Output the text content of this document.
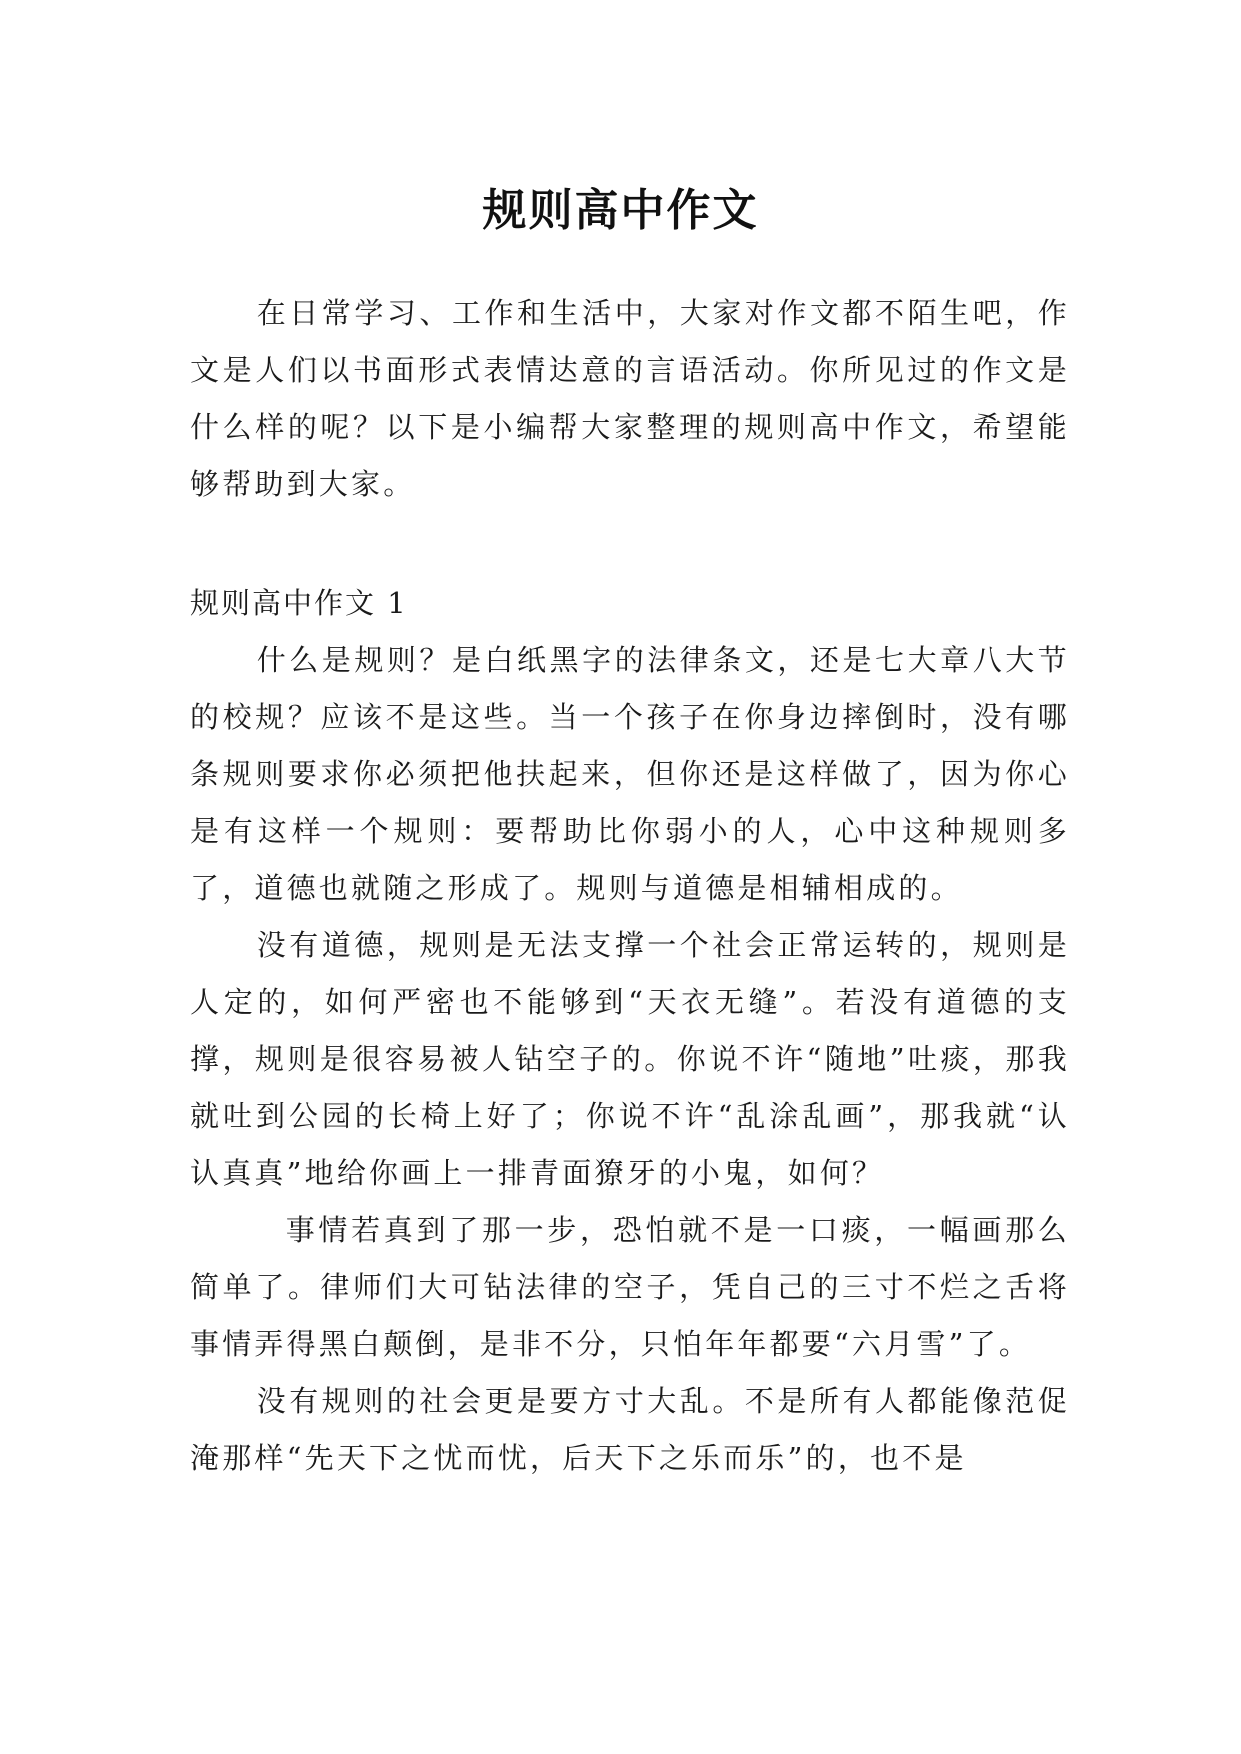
规则高中作文

在日常学习、工作和生活中，大家对作文都不陌生吧，作文是人们以书面形式表情达意的言语活动。你所见过的作文是什么样的呢？以下是小编帮大家整理的规则高中作文，希望能够帮助到大家。

规则高中作文 1

什么是规则？是白纸黑字的法律条文，还是七大章八大节的校规？应该不是这些。当一个孩子在你身边摔倒时，没有哪条规则要求你必须把他扶起来，但你还是这样做了，因为你心是有这样一个规则：要帮助比你弱小的人，心中这种规则多了，道德也就随之形成了。规则与道德是相辅相成的。

没有道德，规则是无法支撑一个社会正常运转的，规则是人定的，如何严密也不能够到“天衣无缝”。若没有道德的支撑，规则是很容易被人钻空子的。你说不许“随地”吐痰，那我就吐到公园的长椅上好了；你说不许“乱涂乱画”，那我就“认认真真”地给你画上一排青面獠牙的小鬼，如何？

事情若真到了那一步，恐怕就不是一口痰，一幅画那么简单了。律师们大可钻法律的空子，凭自己的三寸不烂之舌将事情弄得黑白颠倒，是非不分，只怕年年都要“六月雪”了。

没有规则的社会更是要方寸大乱。不是所有人都能像范促淹那样“先天下之忧而忧，后天下之乐而乐”的，也不是
